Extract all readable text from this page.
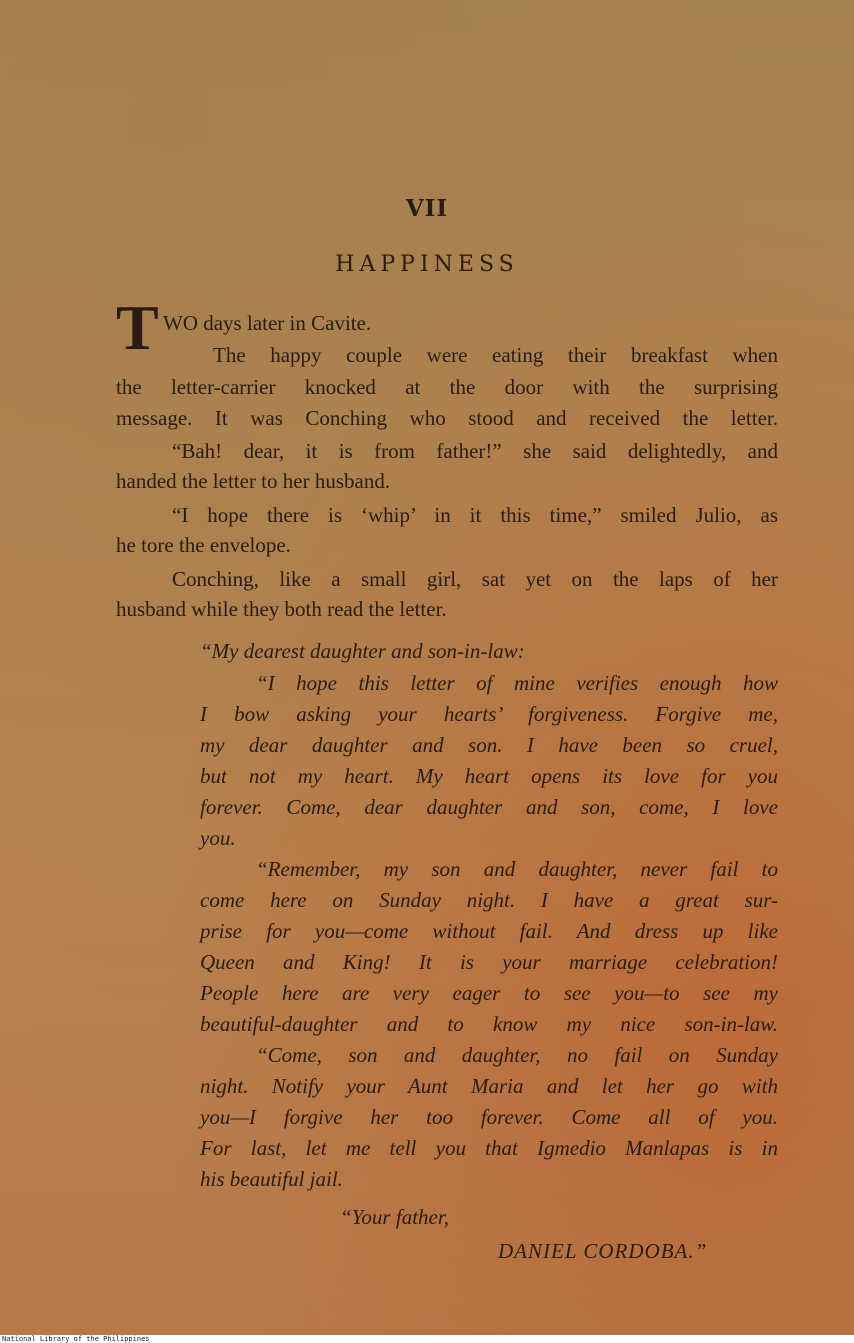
VII
HAPPINESS
T WO days later in Cavite.
The happy couple were eating their breakfast when
the letter-carrier knocked at the door with the surprising
message. It was Conching who stood and received the letter.
“Bah! dear, it is from father!” she said delightedly, and
handed the letter to her husband.
“I hope there is ‘whip’ in it this time,” smiled Julio, as
he tore the envelope.
Conching, like a small girl, sat yet on the laps of her
husband while they both read the letter.
“My dearest daughter and son-in-law:
“I hope this letter of mine verifies enough how
I bow asking your hearts’ forgiveness. Forgive me,
my dear daughter and son. I have been so cruel,
but not my heart. My heart opens its love for you
forever. Come, dear daughter and son, come, I love
you.
“Remember, my son and daughter, never fail to
come here on Sunday night. I have a great sur-
prise for you—come without fail. And dress up like
Queen and King! It is your marriage celebration!
People here are very eager to see you—to see my
beautiful-daughter and to know my nice son-in-law.
“Come, son and daughter, no fail on Sunday
night. Notify your Aunt Maria and let her go with
you—I forgive her too forever. Come all of you.
For last, let me tell you that Igmedio Manlapas is in
his beautiful jail.
“Your father,
DANIEL CORDOBA.”
National Library of the Philippines
